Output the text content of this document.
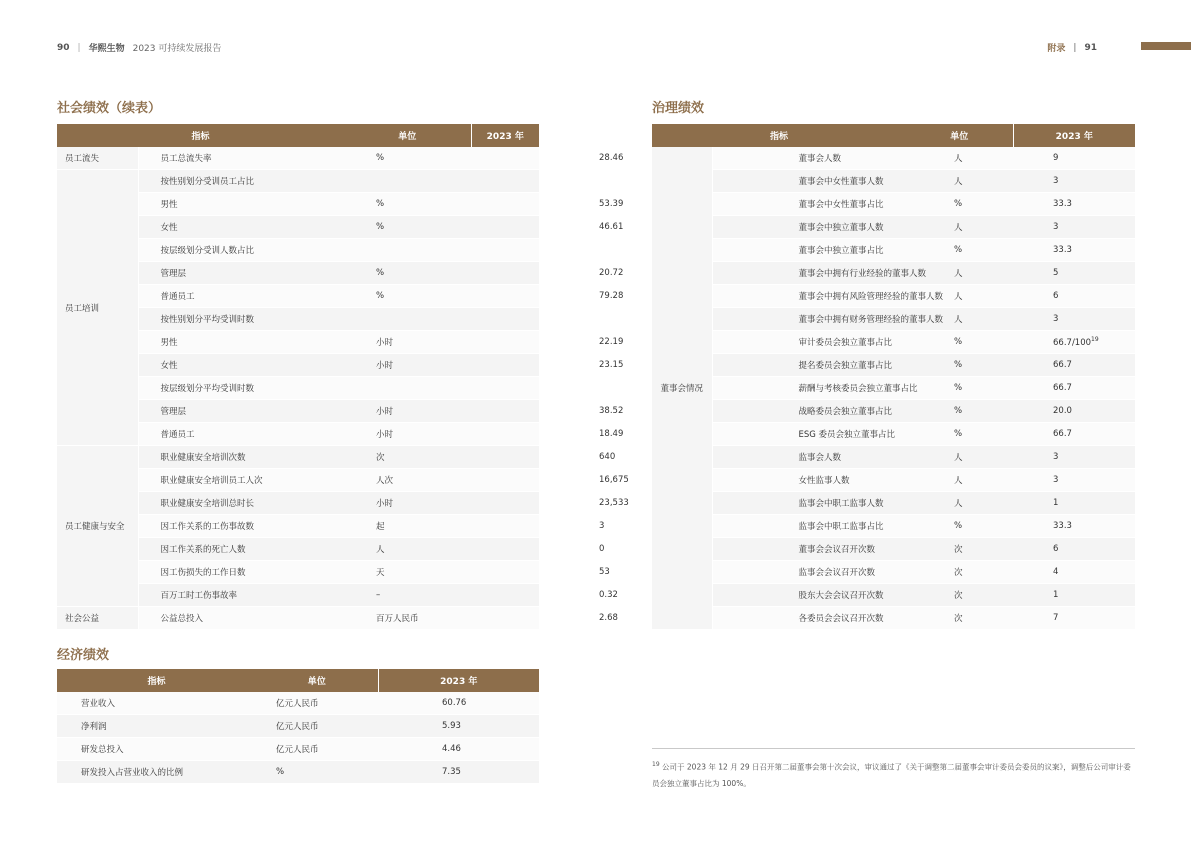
90 | 华熙生物 2023 可持续发展报告	附录 | 91
社会绩效（续表）
指标		单位	2023 年
员工流失	员工总流失率	%	28.46
员工培训	按性别划分受训员工占比		
	男性	%	53.39
	女性	%	46.61
	按层级划分受训人数占比		
	管理层	%	20.72
	普通员工	%	79.28
	按性别划分平均受训时数		
	男性	小时	22.19
	女性	小时	23.15
	按层级划分平均受训时数		
	管理层	小时	38.52
	普通员工	小时	18.49
员工健康与安全	职业健康安全培训次数	次	640
	职业健康安全培训员工人次	人次	16,675
	职业健康安全培训总时长	小时	23,533
	因工作关系的工伤事故数	起	3
	因工作关系的死亡人数	人	0
	因工伤损失的工作日数	天	53
	百万工时工伤事故率	–	0.32
社会公益	公益总投入	百万人民币	2.68
经济绩效
指标	单位	2023 年
营业收入	亿元人民币	60.76
净利润	亿元人民币	5.93
研发总投入	亿元人民币	4.46
研发投入占营业收入的比例	%	7.35
治理绩效
指标		单位	2023 年
董事会情况	董事会人数	人	9
	董事会中女性董事人数	人	3
	董事会中女性董事占比	%	33.3
	董事会中独立董事人数	人	3
	董事会中独立董事占比	%	33.3
	董事会中拥有行业经验的董事人数	人	5
	董事会中拥有风险管理经验的董事人数	人	6
	董事会中拥有财务管理经验的董事人数	人	3
	审计委员会独立董事占比	%	$66.7/100^{19}$
	提名委员会独立董事占比	%	66.7
	薪酬与考核委员会独立董事占比	%	66.7
	战略委员会独立董事占比	%	20.0
	ESG 委员会独立董事占比	%	66.7
	监事会人数	人	3
	女性监事人数	人	3
	监事会中职工监事人数	人	1
	监事会中职工监事占比	%	33.3
	董事会会议召开次数	次	6
	监事会会议召开次数	次	4
	股东大会会议召开次数	次	1
	各委员会会议召开次数	次	7
$^{19}$ 公司于 2023 年 12 月 29 日召开第二届董事会第十次会议，审议通过了《关于调整第二届董事会审计委员会委员的议案》，调整后公司审计委员会独立董事占比为 100%。
